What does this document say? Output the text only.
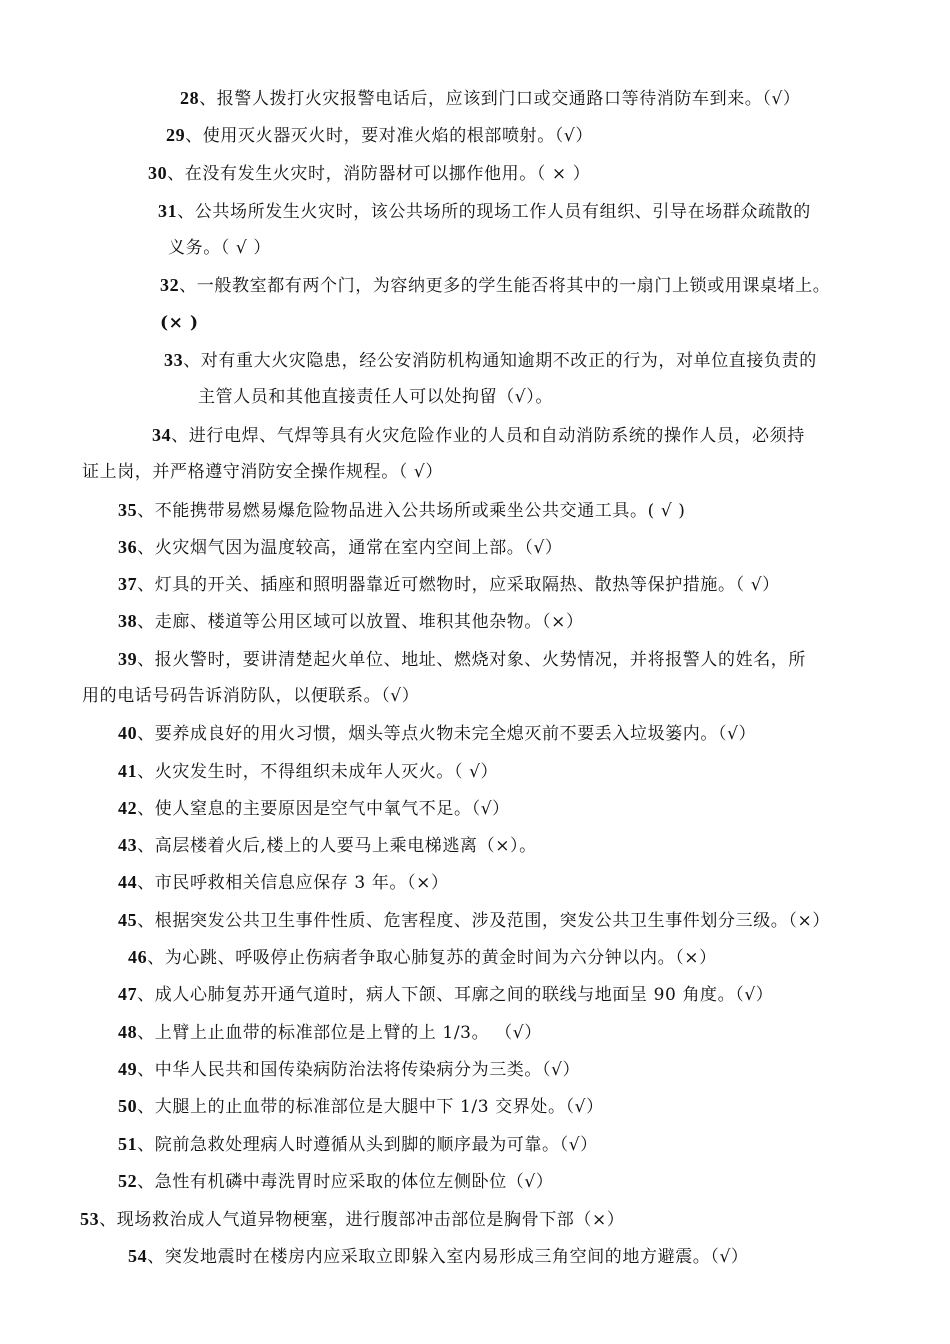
28、报警人拨打火灾报警电话后，应该到门口或交通路口等待消防车到来。（√）
29、使用灭火器灭火时，要对准火焰的根部喷射。（√）
30、在没有发生火灾时，消防器材可以挪作他用。（ × ）
31、公共场所发生火灾时，该公共场所的现场工作人员有组织、引导在场群众疏散的
义务。（ √ ）
32、一般教室都有两个门，为容纳更多的学生能否将其中的一扇门上锁或用课桌堵上。
(× )
33、对有重大火灾隐患，经公安消防机构通知逾期不改正的行为，对单位直接负责的
主管人员和其他直接责任人可以处拘留（√）。
34、进行电焊、气焊等具有火灾危险作业的人员和自动消防系统的操作人员，必须持
证上岗，并严格遵守消防安全操作规程。（ √）
35、不能携带易燃易爆危险物品进入公共场所或乘坐公共交通工具。( √ )
36、火灾烟气因为温度较高，通常在室内空间上部。（√）
37、灯具的开关、插座和照明器靠近可燃物时，应采取隔热、散热等保护措施。（ √）
38、走廊、楼道等公用区域可以放置、堆积其他杂物。（×）
39、报火警时，要讲清楚起火单位、地址、燃烧对象、火势情况，并将报警人的姓名，所
用的电话号码告诉消防队，以便联系。（√）
40、要养成良好的用火习惯，烟头等点火物未完全熄灭前不要丢入垃圾篓内。（√）
41、火灾发生时，不得组织未成年人灭火。（ √）
42、使人窒息的主要原因是空气中氧气不足。（√）
43、高层楼着火后,楼上的人要马上乘电梯逃离（×）。
44、市民呼救相关信息应保存 3 年。（×）
45、根据突发公共卫生事件性质、危害程度、涉及范围，突发公共卫生事件划分三级。（×）
46、为心跳、呼吸停止伤病者争取心肺复苏的黄金时间为六分钟以内。（×）
47、成人心肺复苏开通气道时，病人下颌、耳廓之间的联线与地面呈 90 角度。（√）
48、上臂上止血带的标准部位是上臂的上 1/3。 （√）
49、中华人民共和国传染病防治法将传染病分为三类。（√）
50、大腿上的止血带的标准部位是大腿中下 1/3 交界处。（√）
51、院前急救处理病人时遵循从头到脚的顺序最为可靠。（√）
52、急性有机磷中毒洗胃时应采取的体位左侧卧位（√）
53、现场救治成人气道异物梗塞，进行腹部冲击部位是胸骨下部（×）
54、突发地震时在楼房内应采取立即躲入室内易形成三角空间的地方避震。（√）
